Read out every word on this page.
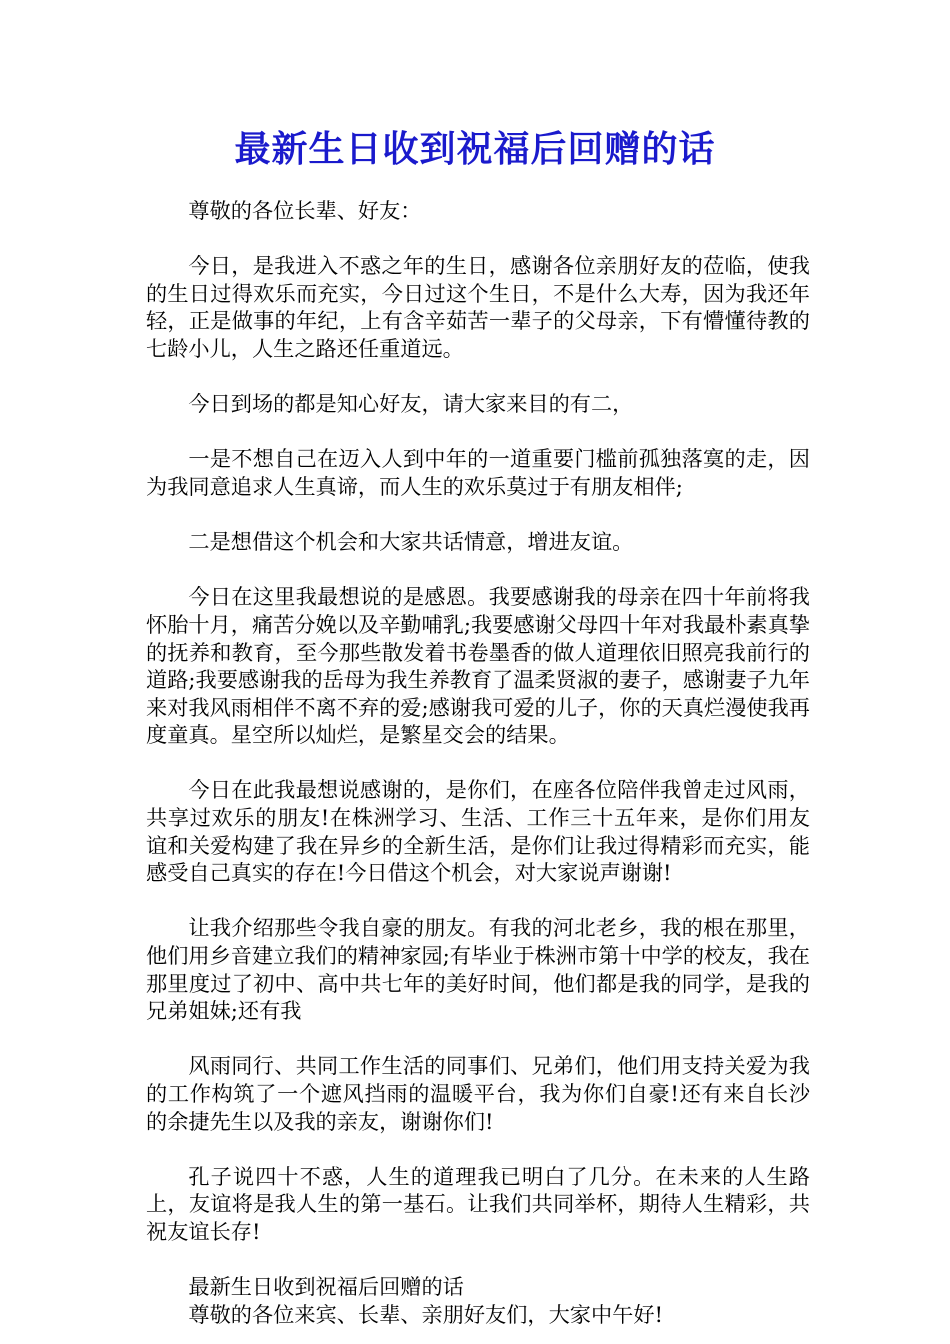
最新生日收到祝福后回赠的话

尊敬的各位长辈、好友：

今日，是我进入不惑之年的生日，感谢各位亲朋好友的莅临，使我的生日过得欢乐而充实，今日过这个生日，不是什么大寿，因为我还年轻，正是做事的年纪，上有含辛茹苦一辈子的父母亲，下有懵懂待教的七龄小儿，人生之路还任重道远。

今日到场的都是知心好友，请大家来目的有二，

一是不想自己在迈入人到中年的一道重要门槛前孤独落寞的走，因为我同意追求人生真谛，而人生的欢乐莫过于有朋友相伴;

二是想借这个机会和大家共话情意，增进友谊。

今日在这里我最想说的是感恩。我要感谢我的母亲在四十年前将我怀胎十月，痛苦分娩以及辛勤哺乳;我要感谢父母四十年对我最朴素真挚的抚养和教育，至今那些散发着书卷墨香的做人道理依旧照亮我前行的道路;我要感谢我的岳母为我生养教育了温柔贤淑的妻子，感谢妻子九年来对我风雨相伴不离不弃的爱;感谢我可爱的儿子，你的天真烂漫使我再度童真。星空所以灿烂，是繁星交会的结果。

今日在此我最想说感谢的，是你们，在座各位陪伴我曾走过风雨，共享过欢乐的朋友!在株洲学习、生活、工作三十五年来，是你们用友谊和关爱构建了我在异乡的全新生活，是你们让我过得精彩而充实，能感受自己真实的存在!今日借这个机会，对大家说声谢谢!

让我介绍那些令我自豪的朋友。有我的河北老乡，我的根在那里，他们用乡音建立我们的精神家园;有毕业于株洲市第十中学的校友，我在那里度过了初中、高中共七年的美好时间，他们都是我的同学，是我的兄弟姐妹;还有我

风雨同行、共同工作生活的同事们、兄弟们，他们用支持关爱为我的工作构筑了一个遮风挡雨的温暖平台，我为你们自豪!还有来自长沙的余捷先生以及我的亲友，谢谢你们!

孔子说四十不惑，人生的道理我已明白了几分。在未来的人生路上，友谊将是我人生的第一基石。让我们共同举杯，期待人生精彩，共祝友谊长存!

最新生日收到祝福后回赠的话

尊敬的各位来宾、长辈、亲朋好友们，大家中午好!
